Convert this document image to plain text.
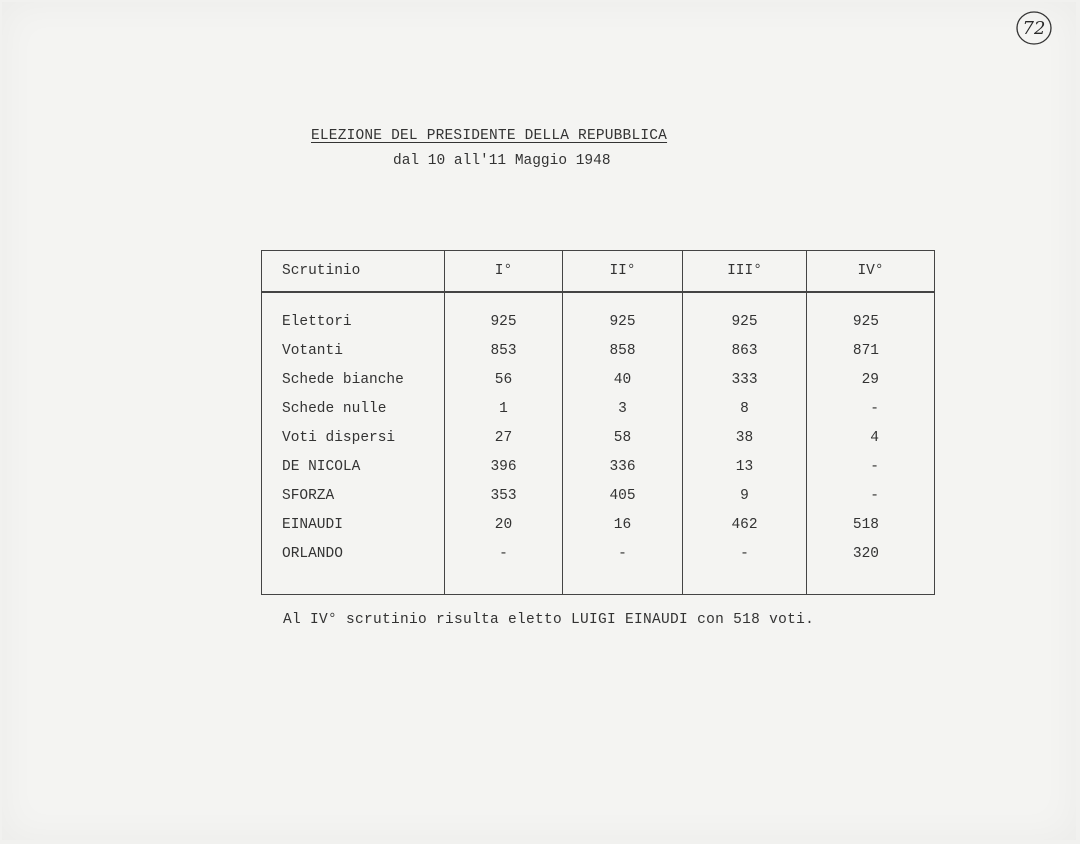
72
ELEZIONE DEL PRESIDENTE DELLA REPUBBLICA
dal 10 all'11 Maggio 1948
Scrutinio	I°	II°	III°	IV°
Elettori	925	925	925	925
Votanti	853	858	863	871
Schede bianche	56	40	333	29
Schede nulle	1	3	8	-
Voti dispersi	27	58	38	4
DE NICOLA	396	336	13	-
SFORZA	353	405	9	-
EINAUDI	20	16	462	518
ORLANDO	-	-	-	320

Al IV° scrutinio risulta eletto LUIGI EINAUDI con 518 voti.
